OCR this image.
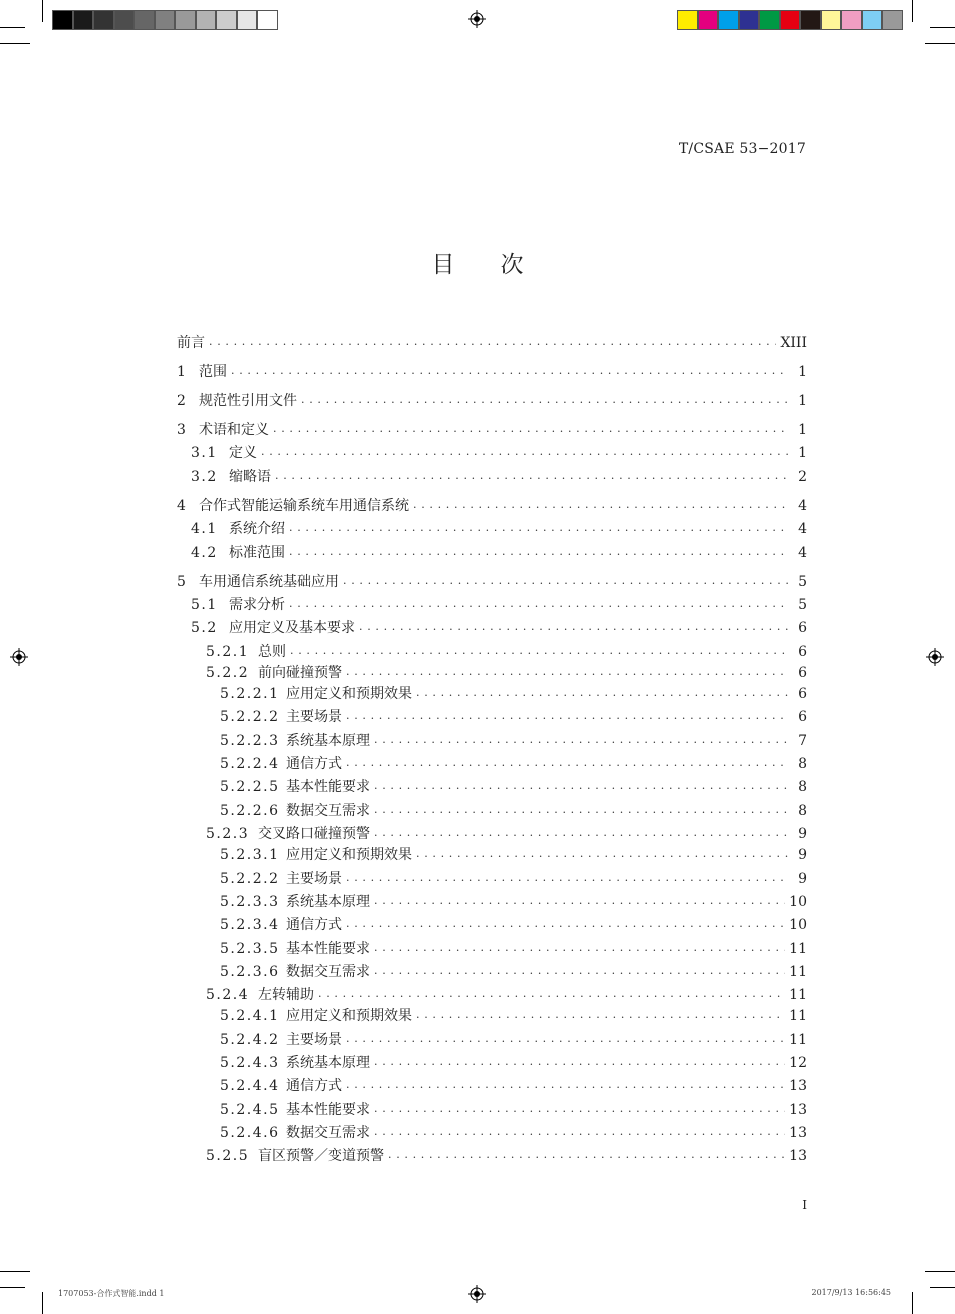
T/CSAE 53−2017
目次
前言 . . .	XIII
1 范围 . . .	1
2 规范性引用文件 . . .	1
3 术语和定义 . . .	1
3.1 定义 . . .	1
3.2 缩略语 . . .	2
4 合作式智能运输系统车用通信系统 . . .	4
4.1 系统介绍 . . .	4
4.2 标准范围 . . .	4
5 车用通信系统基础应用 . . .	5
5.1 需求分析 . . .	5
5.2 应用定义及基本要求 . . .	6
5.2.1 总则 . . .	6
5.2.2 前向碰撞预警 . . .	6
5.2.2.1 应用定义和预期效果 . . .	6
5.2.2.2 主要场景 . . .	6
5.2.2.3 系统基本原理 . . .	7
5.2.2.4 通信方式 . . .	8
5.2.2.5 基本性能要求 . . .	8
5.2.2.6 数据交互需求 . . .	8
5.2.3 交叉路口碰撞预警 . . .	9
5.2.3.1 应用定义和预期效果 . . .	9
5.2.2.2 主要场景 . . .	9
5.2.3.3 系统基本原理 . . .	10
5.2.3.4 通信方式 . . .	10
5.2.3.5 基本性能要求 . . .	11
5.2.3.6 数据交互需求 . . .	11
5.2.4 左转辅助 . . .	11
5.2.4.1 应用定义和预期效果 . . .	11
5.2.4.2 主要场景 . . .	11
5.2.4.3 系统基本原理 . . .	12
5.2.4.4 通信方式 . . .	13
5.2.4.5 基本性能要求 . . .	13
5.2.4.6 数据交互需求 . . .	13
5.2.5 盲区预警／变道预警 . . .	13
I
1707053-合作式智能.indd 1	2017/9/13 16:56:45
